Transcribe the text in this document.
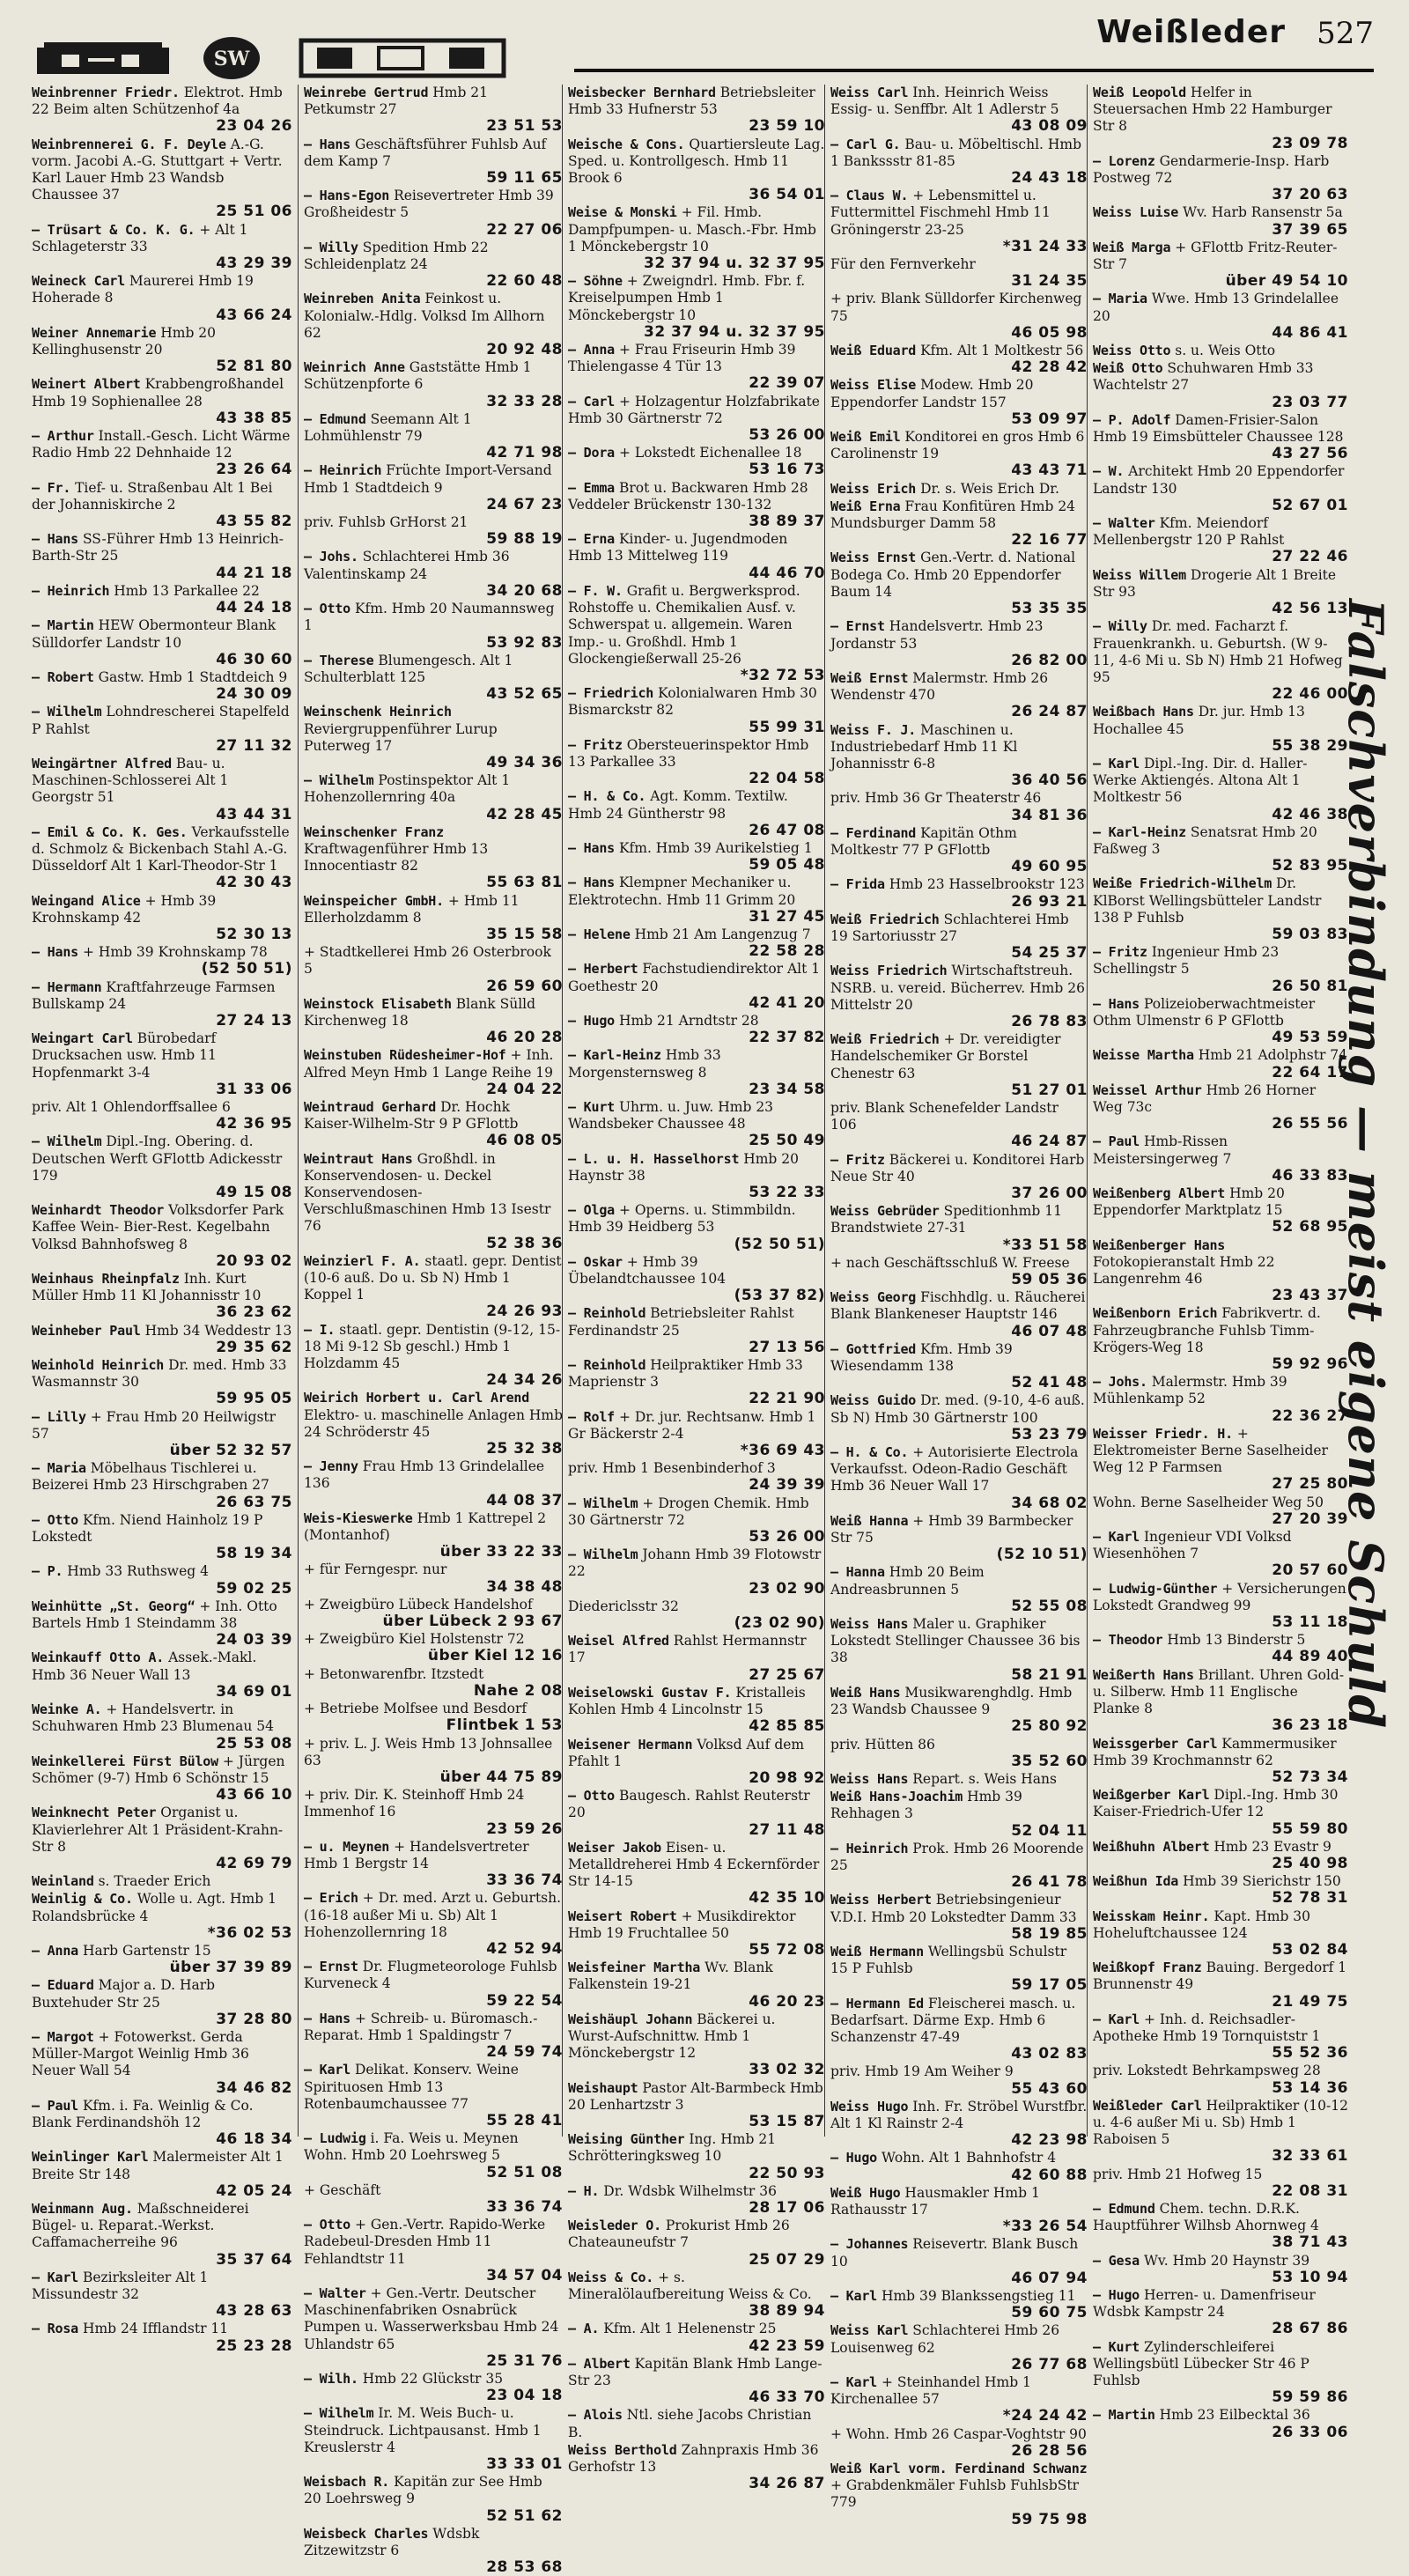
SW
Weißleder 527
Weinbrenner Friedr. Elektrot. Hmb 22 Beim alten Schützenhof 4a
23 04 26
Weinbrennerei G. F. Deyle A.-G. vorm. Jacobi A.-G. Stuttgart + Vertr. Karl Lauer Hmb 23 Wandsb Chaussee 37
25 51 06
— Trüsart & Co. K. G. + Alt 1 Schlageterstr 33
43 29 39
Weineck Carl Maurerei Hmb 19 Hoherade 8
43 66 24
Weiner Annemarie Hmb 20 Kellinghusenstr 20
52 81 80
Weinert Albert Krabbengroßhandel Hmb 19 Sophienallee 28
43 38 85
— Arthur Install.-Gesch. Licht Wärme Radio Hmb 22 Dehnhaide 12
23 26 64
— Fr. Tief- u. Straßenbau Alt 1 Bei der Johanniskirche 2
43 55 82
— Hans SS-Führer Hmb 13 Heinrich-Barth-Str 25
44 21 18
— Heinrich Hmb 13 Parkallee 22
44 24 18
— Martin HEW Obermonteur Blank Sülldorfer Landstr 10
46 30 60
— Robert Gastw. Hmb 1 Stadtdeich 9
24 30 09
— Wilhelm Lohndrescherei Stapelfeld P Rahlst
27 11 32
Weingärtner Alfred Bau- u. Maschinen-Schlosserei Alt 1 Georgstr 51
43 44 31
— Emil & Co. K. Ges. Verkaufsstelle d. Schmolz & Bickenbach Stahl A.-G. Düsseldorf Alt 1 Karl-Theodor-Str 1
42 30 43
Weingand Alice + Hmb 39 Krohnskamp 42
52 30 13
— Hans + Hmb 39 Krohnskamp 78
(52 50 51)
— Hermann Kraftfahrzeuge Farmsen Bullskamp 24
27 24 13
Weingart Carl Bürobedarf Drucksachen usw. Hmb 11 Hopfenmarkt 3-4
31 33 06
priv. Alt 1 Ohlendorffsallee 6
42 36 95
— Wilhelm Dipl.-Ing. Obering. d. Deutschen Werft GFlottb Adickesstr 179
49 15 08
Weinhardt Theodor Volksdorfer Park Kaffee Wein- Bier-Rest. Kegelbahn Volksd Bahnhofsweg 8
20 93 02
Weinhaus Rheinpfalz Inh. Kurt Müller Hmb 11 Kl Johannisstr 10
36 23 62
Weinheber Paul Hmb 34 Weddestr 13
29 35 62
Weinhold Heinrich Dr. med. Hmb 33 Wasmannstr 30
59 95 05
— Lilly + Frau Hmb 20 Heilwigstr 57
über 52 32 57
— Maria Möbelhaus Tischlerei u. Beizerei Hmb 23 Hirschgraben 27
26 63 75
— Otto Kfm. Niend Hainholz 19 P Lokstedt
58 19 34
— P. Hmb 33 Ruthsweg 4
59 02 25
Weinhütte „St. Georg“ + Inh. Otto Bartels Hmb 1 Steindamm 38
24 03 39
Weinkauff Otto A. Assek.-Makl. Hmb 36 Neuer Wall 13
34 69 01
Weinke A. + Handelsvertr. in Schuhwaren Hmb 23 Blumenau 54
25 53 08
Weinkellerei Fürst Bülow + Jürgen Schömer (9-7) Hmb 6 Schönstr 15
43 66 10
Weinknecht Peter Organist u. Klavierlehrer Alt 1 Präsident-Krahn-Str 8
42 69 79
Weinland s. Traeder Erich
Weinlig & Co. Wolle u. Agt. Hmb 1 Rolandsbrücke 4
*36 02 53
— Anna Harb Gartenstr 15
über 37 39 89
— Eduard Major a. D. Harb Buxtehuder Str 25
37 28 80
— Margot + Fotowerkst. Gerda Müller-Margot Weinlig Hmb 36 Neuer Wall 54
34 46 82
— Paul Kfm. i. Fa. Weinlig & Co. Blank Ferdinandshöh 12
46 18 34
Weinlinger Karl Malermeister Alt 1 Breite Str 148
42 05 24
Weinmann Aug. Maßschneiderei Bügel- u. Reparat.-Werkst. Caffamacherreihe 96
35 37 64
— Karl Bezirksleiter Alt 1 Missundestr 32
43 28 63
— Rosa Hmb 24 Ifflandstr 11
25 23 28
Weinrebe Gertrud Hmb 21 Petkumstr 27
23 51 53
— Hans Geschäftsführer Fuhlsb Auf dem Kamp 7
59 11 65
— Hans-Egon Reisevertreter Hmb 39 Großheidestr 5
22 27 06
— Willy Spedition Hmb 22 Schleidenplatz 24
22 60 48
Weinreben Anita Feinkost u. Kolonialw.-Hdlg. Volksd Im Allhorn 62
20 92 48
Weinrich Anne Gaststätte Hmb 1 Schützenpforte 6
32 33 28
— Edmund Seemann Alt 1 Lohmühlenstr 79
42 71 98
— Heinrich Früchte Import-Versand Hmb 1 Stadtdeich 9
24 67 23
priv. Fuhlsb GrHorst 21
59 88 19
— Johs. Schlachterei Hmb 36 Valentinskamp 24
34 20 68
— Otto Kfm. Hmb 20 Naumannsweg 1
53 92 83
— Therese Blumengesch. Alt 1 Schulterblatt 125
43 52 65
Weinschenk Heinrich Reviergruppenführer Lurup Puterweg 17
49 34 36
— Wilhelm Postinspektor Alt 1 Hohenzollernring 40a
42 28 45
Weinschenker Franz Kraftwagenführer Hmb 13 Innocentiastr 82
55 63 81
Weinspeicher GmbH. + Hmb 11 Ellerholzdamm 8
35 15 58
+ Stadtkellerei Hmb 26 Osterbrook 5
26 59 60
Weinstock Elisabeth Blank Sülld Kirchenweg 18
46 20 28
Weinstuben Rüdesheimer-Hof + Inh. Alfred Meyn Hmb 1 Lange Reihe 19
24 04 22
Weintraud Gerhard Dr. Hochk Kaiser-Wilhelm-Str 9 P GFlottb
46 08 05
Weintraut Hans Großhdl. in Konservendosen- u. Deckel Konservendosen-Verschlußmaschinen Hmb 13 Isestr 76
52 38 36
Weinzierl F. A. staatl. gepr. Dentist (10-6 auß. Do u. Sb N) Hmb 1 Koppel 1
24 26 93
— I. staatl. gepr. Dentistin (9-12, 15-18 Mi 9-12 Sb geschl.) Hmb 1 Holzdamm 45
24 34 26
Weirich Horbert u. Carl Arend Elektro- u. maschinelle Anlagen Hmb 24 Schröderstr 45
25 32 38
— Jenny Frau Hmb 13 Grindelallee 136
44 08 37
Weis-Kieswerke Hmb 1 Kattrepel 2 (Montanhof)
über 33 22 33
+ für Ferngespr. nur
34 38 48
+ Zweigbüro Lübeck Handelshof
über Lübeck 2 93 67
+ Zweigbüro Kiel Holstenstr 72
über Kiel 12 16
+ Betonwarenfbr. Itzstedt
Nahe 2 08
+ Betriebe Molfsee und Besdorf
Flintbek 1 53
+ priv. L. J. Weis Hmb 13 Johnsallee 63
über 44 75 89
+ priv. Dir. K. Steinhoff Hmb 24 Immenhof 16
23 59 26
— u. Meynen + Handelsvertreter Hmb 1 Bergstr 14
33 36 74
— Erich + Dr. med. Arzt u. Geburtsh. (16-18 außer Mi u. Sb) Alt 1 Hohenzollernring 18
42 52 94
— Ernst Dr. Flugmeteorologe Fuhlsb Kurveneck 4
59 22 54
— Hans + Schreib- u. Büromasch.-Reparat. Hmb 1 Spaldingstr 7
24 59 74
— Karl Delikat. Konserv. Weine Spirituosen Hmb 13 Rotenbaumchaussee 77
55 28 41
— Ludwig i. Fa. Weis u. Meynen Wohn. Hmb 20 Loehrsweg 5
52 51 08
+ Geschäft
33 36 74
— Otto + Gen.-Vertr. Rapido-Werke Radebeul-Dresden Hmb 11 Fehlandtstr 11
34 57 04
— Walter + Gen.-Vertr. Deutscher Maschinenfabriken Osnabrück Pumpen u. Wasserwerksbau Hmb 24 Uhlandstr 65
25 31 76
— Wilh. Hmb 22 Glückstr 35
23 04 18
— Wilhelm Ir. M. Weis Buch- u. Steindruck. Lichtpausanst. Hmb 1 Kreuslerstr 4
33 33 01
Weisbach R. Kapitän zur See Hmb 20 Loehrsweg 9
52 51 62
Weisbeck Charles Wdsbk Zitzewitzstr 6
28 53 68
Weisbecker Bernhard Betriebsleiter Hmb 33 Hufnerstr 53
23 59 10
Weische & Cons. Quartiersleute Lag. Sped. u. Kontrollgesch. Hmb 11 Brook 6
36 54 01
Weise & Monski + Fil. Hmb. Dampfpumpen- u. Masch.-Fbr. Hmb 1 Mönckebergstr 10
32 37 94 u. 32 37 95
— Söhne + Zweigndrl. Hmb. Fbr. f. Kreiselpumpen Hmb 1 Mönckebergstr 10
32 37 94 u. 32 37 95
— Anna + Frau Friseurin Hmb 39 Thielengasse 4 Tür 13
22 39 07
— Carl + Holzagentur Holzfabrikate Hmb 30 Gärtnerstr 72
53 26 00
— Dora + Lokstedt Eichenallee 18
53 16 73
— Emma Brot u. Backwaren Hmb 28 Veddeler Brückenstr 130-132
38 89 37
— Erna Kinder- u. Jugendmoden Hmb 13 Mittelweg 119
44 46 70
— F. W. Grafit u. Bergwerksprod. Rohstoffe u. Chemikalien Ausf. v. Schwerspat u. allgemein. Waren Imp.- u. Großhdl. Hmb 1 Glockengießerwall 25-26
*32 72 53
— Friedrich Kolonialwaren Hmb 30 Bismarckstr 82
55 99 31
— Fritz Obersteuerinspektor Hmb 13 Parkallee 33
22 04 58
— H. & Co. Agt. Komm. Textilw. Hmb 24 Güntherstr 98
26 47 08
— Hans Kfm. Hmb 39 Aurikelstieg 1
59 05 48
— Hans Klempner Mechaniker u. Elektrotechn. Hmb 11 Grimm 20
31 27 45
— Helene Hmb 21 Am Langenzug 7
22 58 28
— Herbert Fachstudiendirektor Alt 1 Goethestr 20
42 41 20
— Hugo Hmb 21 Arndtstr 28
22 37 82
— Karl-Heinz Hmb 33 Morgensternsweg 8
23 34 58
— Kurt Uhrm. u. Juw. Hmb 23 Wandsbeker Chaussee 48
25 50 49
— L. u. H. Hasselhorst Hmb 20 Haynstr 38
53 22 33
— Olga + Operns. u. Stimmbildn. Hmb 39 Heidberg 53
(52 50 51)
— Oskar + Hmb 39 Übelandtchaussee 104
(53 37 82)
— Reinhold Betriebsleiter Rahlst Ferdinandstr 25
27 13 56
— Reinhold Heilpraktiker Hmb 33 Maprienstr 3
22 21 90
— Rolf + Dr. jur. Rechtsanw. Hmb 1 Gr Bäckerstr 2-4
*36 69 43
priv. Hmb 1 Besenbinderhof 3
24 39 39
— Wilhelm + Drogen Chemik. Hmb 30 Gärtnerstr 72
53 26 00
— Wilhelm Johann Hmb 39 Flotowstr 22
23 02 90
Diedericlsstr 32
(23 02 90)
Weisel Alfred Rahlst Hermannstr 17
27 25 67
Weiselowski Gustav F. Kristalleis Kohlen Hmb 4 Lincolnstr 15
42 85 85
Weisener Hermann Volksd Auf dem Pfahlt 1
20 98 92
— Otto Baugesch. Rahlst Reuterstr 20
27 11 48
Weiser Jakob Eisen- u. Metalldreherei Hmb 4 Eckernförder Str 14-15
42 35 10
Weisert Robert + Musikdirektor Hmb 19 Fruchtallee 50
55 72 08
Weisfeiner Martha Wv. Blank Falkenstein 19-21
46 20 23
Weishäupl Johann Bäckerei u. Wurst-Aufschnittw. Hmb 1 Mönckebergstr 12
33 02 32
Weishaupt Pastor Alt-Barmbeck Hmb 20 Lenhartzstr 3
53 15 87
Weising Günther Ing. Hmb 21 Schrötteringksweg 10
22 50 93
— H. Dr. Wdsbk Wilhelmstr 36
28 17 06
Weisleder O. Prokurist Hmb 26 Chateauneufstr 7
25 07 29
Weiss & Co. + s. Mineralölaufbereitung Weiss & Co.
38 89 94
— A. Kfm. Alt 1 Helenenstr 25
42 23 59
— Albert Kapitän Blank Hmb Lange-Str 23
46 33 70
— Alois Ntl. siehe Jacobs Christian B.
Weiss Berthold Zahnpraxis Hmb 36 Gerhofstr 13
34 26 87
Weiss Carl Inh. Heinrich Weiss Essig- u. Senffbr. Alt 1 Adlerstr 5
43 08 09
— Carl G. Bau- u. Möbeltischl. Hmb 1 Bankssstr 81-85
24 43 18
— Claus W. + Lebensmittel u. Futtermittel Fischmehl Hmb 11 Gröningerstr 23-25
*31 24 33
Für den Fernverkehr
31 24 35
+ priv. Blank Sülldorfer Kirchenweg 75
46 05 98
Weiß Eduard Kfm. Alt 1 Moltkestr 56
42 28 42
Weiss Elise Modew. Hmb 20 Eppendorfer Landstr 157
53 09 97
Weiß Emil Konditorei en gros Hmb 6 Carolinenstr 19
43 43 71
Weiss Erich Dr. s. Weis Erich Dr.
Weiß Erna Frau Konfitüren Hmb 24 Mundsburger Damm 58
22 16 77
Weiss Ernst Gen.-Vertr. d. National Bodega Co. Hmb 20 Eppendorfer Baum 14
53 35 35
— Ernst Handelsvertr. Hmb 23 Jordanstr 53
26 82 00
Weiß Ernst Malermstr. Hmb 26 Wendenstr 470
26 24 87
Weiss F. J. Maschinen u. Industriebedarf Hmb 11 Kl Johannisstr 6-8
36 40 56
priv. Hmb 36 Gr Theaterstr 46
34 81 36
— Ferdinand Kapitän Othm Moltkestr 77 P GFlottb
49 60 95
— Frida Hmb 23 Hasselbrookstr 123
26 93 21
Weiß Friedrich Schlachterei Hmb 19 Sartoriusstr 27
54 25 37
Weiss Friedrich Wirtschaftstreuh. NSRB. u. vereid. Bücherrev. Hmb 26 Mittelstr 20
26 78 83
Weiß Friedrich + Dr. vereidigter Handelschemiker Gr Borstel Chenestr 63
51 27 01
priv. Blank Schenefelder Landstr 106
46 24 87
— Fritz Bäckerei u. Konditorei Harb Neue Str 40
37 26 00
Weiss Gebrüder Speditionhmb 11 Brandstwiete 27-31
*33 51 58
+ nach Geschäftsschluß W. Freese
59 05 36
Weiss Georg Fischhdlg. u. Räucherei Blank Blankeneser Hauptstr 146
46 07 48
— Gottfried Kfm. Hmb 39 Wiesendamm 138
52 41 48
Weiss Guido Dr. med. (9-10, 4-6 auß. Sb N) Hmb 30 Gärtnerstr 100
53 23 79
— H. & Co. + Autorisierte Electrola Verkaufsst. Odeon-Radio Geschäft Hmb 36 Neuer Wall 17
34 68 02
Weiß Hanna + Hmb 39 Barmbecker Str 75
(52 10 51)
— Hanna Hmb 20 Beim Andreasbrunnen 5
52 55 08
Weiss Hans Maler u. Graphiker Lokstedt Stellinger Chaussee 36 bis 38
58 21 91
Weiß Hans Musikwarenghdlg. Hmb 23 Wandsb Chaussee 9
25 80 92
priv. Hütten 86
35 52 60
Weiss Hans Repart. s. Weis Hans
Weiß Hans-Joachim Hmb 39 Rehhagen 3
52 04 11
— Heinrich Prok. Hmb 26 Moorende 25
26 41 78
Weiss Herbert Betriebsingenieur V.D.I. Hmb 20 Lokstedter Damm 33
58 19 85
Weiß Hermann Wellingsbü Schulstr 15 P Fuhlsb
59 17 05
— Hermann Ed Fleischerei masch. u. Bedarfsart. Därme Exp. Hmb 6 Schanzenstr 47-49
43 02 83
priv. Hmb 19 Am Weiher 9
55 43 60
Weiss Hugo Inh. Fr. Ströbel Wurstfbr. Alt 1 Kl Rainstr 2-4
42 23 98
— Hugo Wohn. Alt 1 Bahnhofstr 4
42 60 88
Weiß Hugo Hausmakler Hmb 1 Rathausstr 17
*33 26 54
— Johannes Reisevertr. Blank Busch 10
46 07 94
— Karl Hmb 39 Blankssengstieg 11
59 60 75
Weiss Karl Schlachterei Hmb 26 Louisenweg 62
26 77 68
— Karl + Steinhandel Hmb 1 Kirchenallee 57
*24 24 42
+ Wohn. Hmb 26 Caspar-Voghtstr 90
26 28 56
Weiß Karl vorm. Ferdinand Schwanz + Grabdenkmäler Fuhlsb FuhlsbStr 779
59 75 98
Weiß Leopold Helfer in Steuersachen Hmb 22 Hamburger Str 8
23 09 78
— Lorenz Gendarmerie-Insp. Harb Postweg 72
37 20 63
Weiss Luise Wv. Harb Ransenstr 5a
37 39 65
Weiß Marga + GFlottb Fritz-Reuter-Str 7
über 49 54 10
— Maria Wwe. Hmb 13 Grindelallee 20
44 86 41
Weiss Otto s. u. Weis Otto
Weiß Otto Schuhwaren Hmb 33 Wachtelstr 27
23 03 77
— P. Adolf Damen-Frisier-Salon Hmb 19 Eimsbütteler Chaussee 128
43 27 56
— W. Architekt Hmb 20 Eppendorfer Landstr 130
52 67 01
— Walter Kfm. Meiendorf Mellenbergstr 120 P Rahlst
27 22 46
Weiss Willem Drogerie Alt 1 Breite Str 93
42 56 13
— Willy Dr. med. Facharzt f. Frauenkrankh. u. Geburtsh. (W 9-11, 4-6 Mi u. Sb N) Hmb 21 Hofweg 95
22 46 00
Weißbach Hans Dr. jur. Hmb 13 Hochallee 45
55 38 29
— Karl Dipl.-Ing. Dir. d. Haller-Werke Aktiengés. Altona Alt 1 Moltkestr 56
42 46 38
— Karl-Heinz Senatsrat Hmb 20 Faßweg 3
52 83 95
Weiße Friedrich-Wilhelm Dr. KlBorst Wellingsbütteler Landstr 138 P Fuhlsb
59 03 83
— Fritz Ingenieur Hmb 23 Schellingstr 5
26 50 81
— Hans Polizeioberwachtmeister Othm Ulmenstr 6 P GFlottb
49 53 59
Weisse Martha Hmb 21 Adolphstr 74
22 64 17
Weissel Arthur Hmb 26 Horner Weg 73c
26 55 56
— Paul Hmb-Rissen Meistersingerweg 7
46 33 83
Weißenberg Albert Hmb 20 Eppendorfer Marktplatz 15
52 68 95
Weißenberger Hans Fotokopieranstalt Hmb 22 Langenrehm 46
23 43 37
Weißenborn Erich Fabrikvertr. d. Fahrzeugbranche Fuhlsb Timm-Krögers-Weg 18
59 92 96
— Johs. Malermstr. Hmb 39 Mühlenkamp 52
22 36 27
Weisser Friedr. H. + Elektromeister Berne Saselheider Weg 12 P Farmsen
27 25 80
Wohn. Berne Saselheider Weg 50
27 20 39
— Karl Ingenieur VDI Volksd Wiesenhöhen 7
20 57 60
— Ludwig-Günther + Versicherungen Lokstedt Grandweg 99
53 11 18
— Theodor Hmb 13 Binderstr 5
44 89 40
Weißerth Hans Brillant. Uhren Gold- u. Silberw. Hmb 11 Englische Planke 8
36 23 18
Weissgerber Carl Kammermusiker Hmb 39 Krochmannstr 62
52 73 34
Weißgerber Karl Dipl.-Ing. Hmb 30 Kaiser-Friedrich-Ufer 12
55 59 80
Weißhuhn Albert Hmb 23 Evastr 9
25 40 98
Weißhun Ida Hmb 39 Sierichstr 150
52 78 31
Weisskam Heinr. Kapt. Hmb 30 Hoheluftchaussee 124
53 02 84
Weißkopf Franz Bauing. Bergedorf 1 Brunnenstr 49
21 49 75
— Karl + Inh. d. Reichsadler-Apotheke Hmb 19 Tornquiststr 1
55 52 36
priv. Lokstedt Behrkampsweg 28
53 14 36
Weißleder Carl Heilpraktiker (10-12 u. 4-6 außer Mi u. Sb) Hmb 1 Raboisen 5
32 33 61
priv. Hmb 21 Hofweg 15
22 08 31
— Edmund Chem. techn. D.R.K. Hauptführer Wilhsb Ahornweg 4
38 71 43
— Gesa Wv. Hmb 20 Haynstr 39
53 10 94
— Hugo Herren- u. Damenfriseur Wdsbk Kampstr 24
28 67 86
— Kurt Zylinderschleiferei Wellingsbütl Lübecker Str 46 P Fuhlsb
59 59 86
— Martin Hmb 23 Eilbecktal 36
26 33 06
Falschverbindung — meist eigene Schuld
